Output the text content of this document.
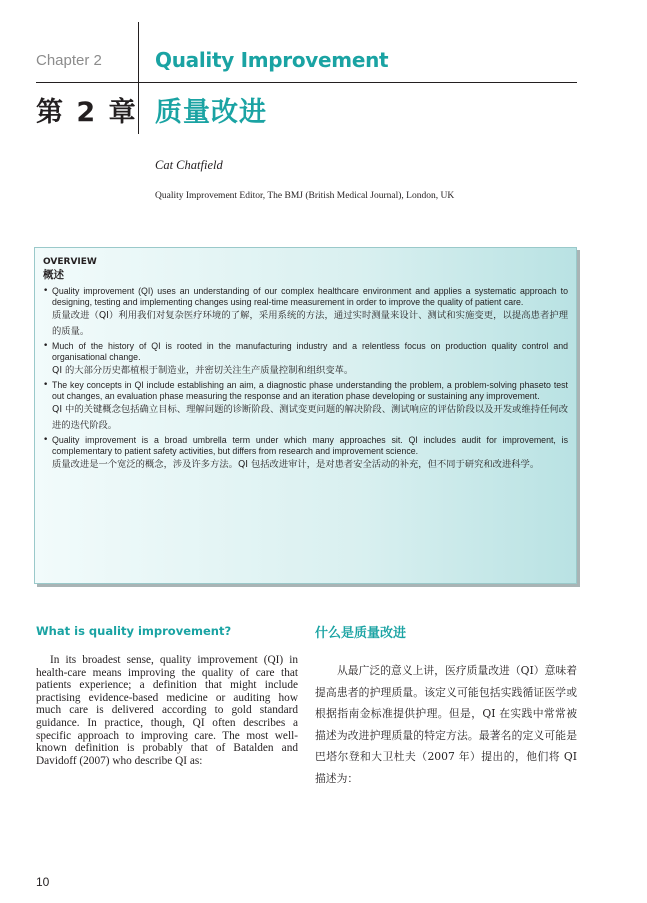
Chapter 2	Quality Improvement
第 2 章 质量改进
Cat Chatfield
Quality Improvement Editor, The BMJ (British Medical Journal), London, UK
OVERVIEW
概述
• Quality improvement (QI) uses an understanding of our complex healthcare environment and applies a systematic approach to designing, testing and implementing changes using real-time measurement in order to improve the quality of patient care.
质量改进（QI）利用我们对复杂医疗环境的了解，采用系统的方法，通过实时测量来设计、测试和实施变更，以提高患者护理的质量。
• Much of the history of QI is rooted in the manufacturing industry and a relentless focus on production quality control and organisational change.
QI 的大部分历史都植根于制造业，并密切关注生产质量控制和组织变革。
• The key concepts in QI include establishing an aim, a diagnostic phase understanding the problem, a problem-solving phaseto test out changes, an evaluation phase measuring the response and an iteration phase developing or sustaining any improvement.
QI 中的关键概念包括确立目标、理解问题的诊断阶段、测试变更问题的解决阶段、测试响应的评估阶段以及开发或维持任何改进的迭代阶段。
• Quality improvement is a broad umbrella term under which many approaches sit. QI includes audit for improvement, is complementary to patient safety activities, but differs from research and improvement science.
质量改进是一个宽泛的概念，涉及许多方法。QI 包括改进审计，是对患者安全活动的补充，但不同于研究和改进科学。
What is quality improvement?	什么是质量改进
In its broadest sense, quality improvement (QI) in health-care means improving the quality of care that patients experience; a definition that might include practising evidence-based medicine or auditing how much care is delivered according to gold standard guidance. In practice, though, QI often describes a specific approach to improving care. The most well-known definition is probably that of Batalden and Davidoff (2007) who describe QI as:
从最广泛的意义上讲，医疗质量改进（QI）意味着提高患者的护理质量。该定义可能包括实践循证医学或根据指南金标准提供护理。但是，QI 在实践中常常被描述为改进护理质量的特定方法。最著名的定义可能是巴塔尔登和大卫杜夫（2007 年）提出的，他们将 QI 描述为：
10
